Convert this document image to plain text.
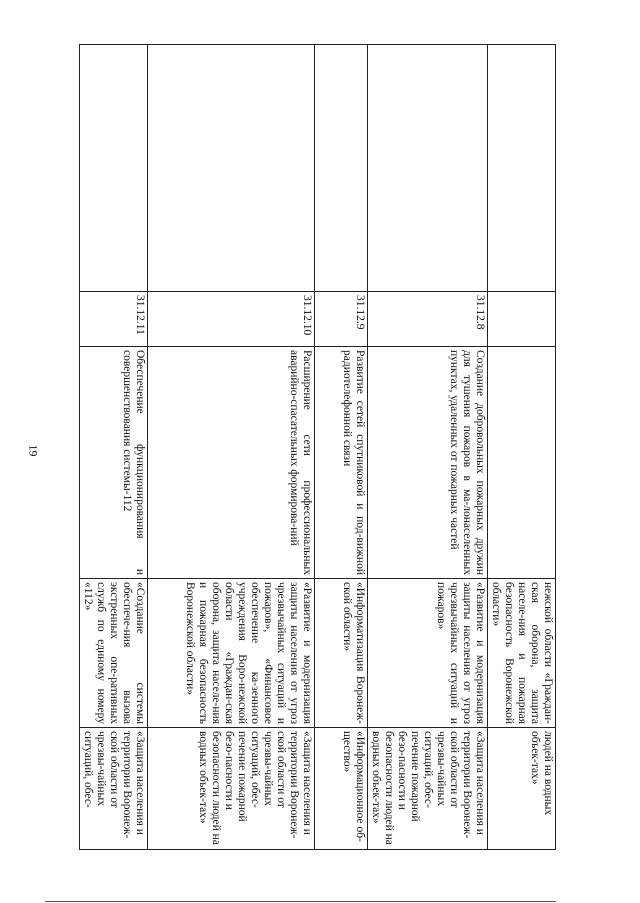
19
			нежской области «Граждан-ская оборона, защита населе-ния и пожарная безопасность Воронежской области»	людей на водных объек-тах»
	31.12.8	Создание добровольных пожарных дружин для тушения пожаров в ма-лонаселенных пунктах, удаленных от пожарных частей	«Развитие и модернизация защиты населения от угроз чрезвычайных ситуаций и пожаров»	«Защита населения и территории Воронеж-ской области от чрезвы-чайных ситуаций, обес-печение пожарной безо-пасности и безопасности людей на водных объек-тах»
	31.12.9	Развитие сетей спутниковой и под-вижной радиотелефонной связи	«Информатизация Воронеж-ской области»	«Информационное об-щество»
	31.12.10	Расширение сети профессиональных аварийно-спасательных формирова-ний	«Развитие и модернизация защиты населения от угроз чрезвычайных ситуаций и пожаров», «Финансовое обеспечение ка-зенного учреждения Воро-нежской области «Граждан-ская оборона, защита населе-ния и пожарная безопасность Воронежской области»	«Защита населения и территории Воронеж-ской области от чрезвы-чайных ситуаций, обес-печение пожарной безо-пасности и безопасности людей на водных объек-тах»
	31.12.11	Обеспечение функционирования и совершенствования системы-112	«Создание системы обеспече-ния вызова экстренных опе-ративных служб по единому номеру «112»	«Защита населения и территории Воронеж-ской области от чрезвы-чайных ситуаций, обес-
